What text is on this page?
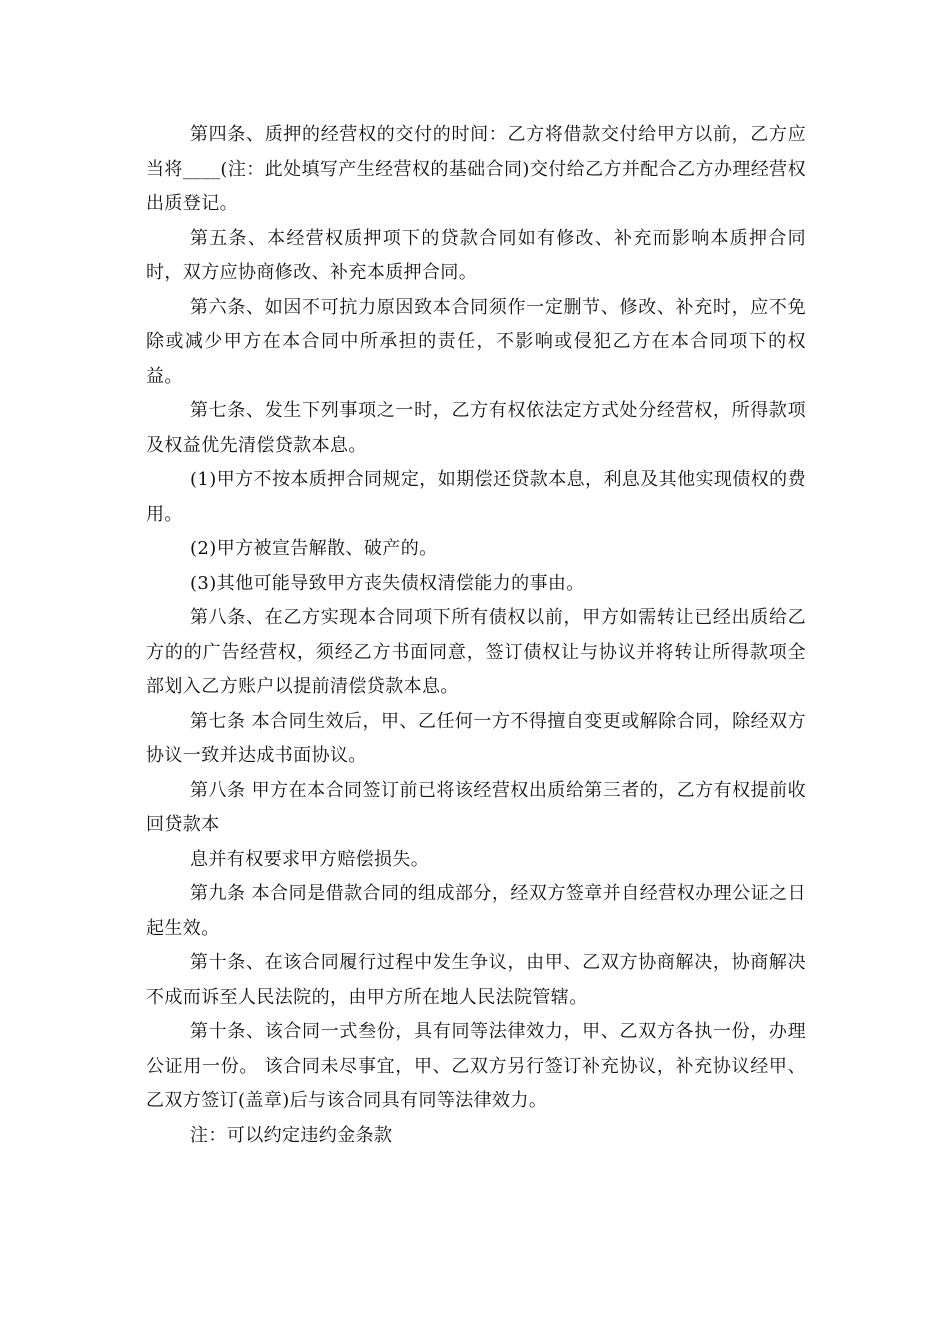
第四条、质押的经营权的交付的时间：乙方将借款交付给甲方以前，乙方应当将____(注：此处填写产生经营权的基础合同)交付给乙方并配合乙方办理经营权出质登记。

第五条、本经营权质押项下的贷款合同如有修改、补充而影响本质押合同时，双方应协商修改、补充本质押合同。

第六条、如因不可抗力原因致本合同须作一定删节、修改、补充时，应不免除或减少甲方在本合同中所承担的责任，不影响或侵犯乙方在本合同项下的权益。

第七条、发生下列事项之一时，乙方有权依法定方式处分经营权，所得款项及权益优先清偿贷款本息。

(1)甲方不按本质押合同规定，如期偿还贷款本息，利息及其他实现债权的费用。

(2)甲方被宣告解散、破产的。

(3)其他可能导致甲方丧失债权清偿能力的事由。

第八条、在乙方实现本合同项下所有债权以前，甲方如需转让已经出质给乙方的的广告经营权，须经乙方书面同意，签订债权让与协议并将转让所得款项全部划入乙方账户以提前清偿贷款本息。

第七条 本合同生效后，甲、乙任何一方不得擅自变更或解除合同，除经双方协议一致并达成书面协议。

第八条 甲方在本合同签订前已将该经营权出质给第三者的，乙方有权提前收回贷款本

息并有权要求甲方赔偿损失。

第九条 本合同是借款合同的组成部分，经双方签章并自经营权办理公证之日起生效。

第十条、在该合同履行过程中发生争议，由甲、乙双方协商解决，协商解决不成而诉至人民法院的，由甲方所在地人民法院管辖。

第十条、该合同一式叁份，具有同等法律效力，甲、乙双方各执一份，办理公证用一份。 该合同未尽事宜，甲、乙双方另行签订补充协议，补充协议经甲、乙双方签订(盖章)后与该合同具有同等法律效力。

注：可以约定违约金条款
